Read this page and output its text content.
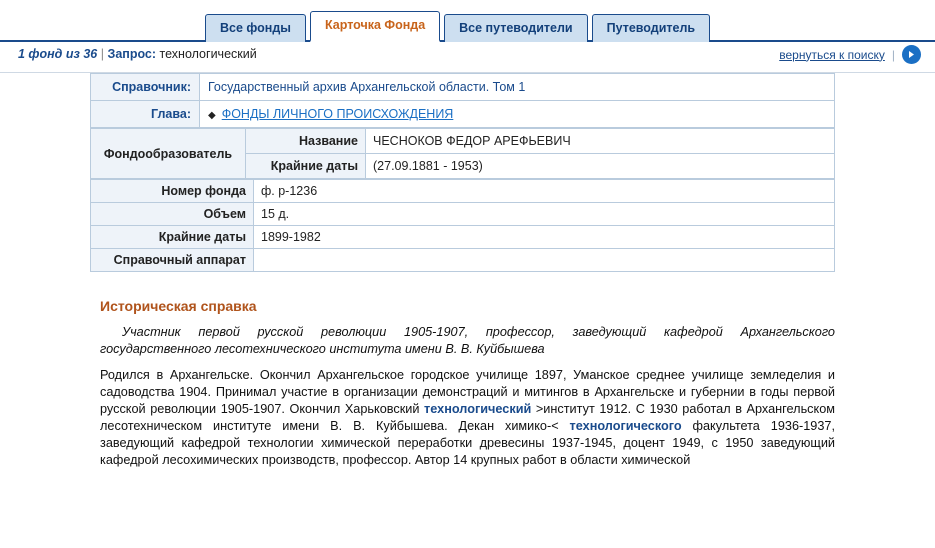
Все фонды	Карточка Фонда	Все путеводители	Путеводитель
1 фонд из 36 | Запрос: технологический	вернуться к поиску |
Справочник:	Государственный архив Архангельской области. Том 1
Глава:	◆ ФОНДЫ ЛИЧНОГО ПРОИСХОЖДЕНИЯ
Фондообразователь	Название	ЧЕСНОКОВ ФЕДОР АРЕФЬЕВИЧ
	Крайние даты	(27.09.1881 - 1953)
Номер фонда	ф. р-1236
Объем	15 д.
Крайние даты	1899-1982
Справочный аппарат	
Историческая справка

Участник первой русской революции 1905-1907, профессор, заведующий кафедрой Архангельского государственного лесотехнического института имени В. В. Куйбышева

Родился в Архангельске. Окончил Архангельское городское училище 1897, Уманское среднее училище земледелия и садоводства 1904. Принимал участие в организации демонстраций и митингов в Архангельске и губернии в годы первой русской революции 1905-1907. Окончил Харьковский технологический >институт 1912. С 1930 работал в Архангельском лесотехническом институте имени В. В. Куйбышева. Декан химико-< технологического факультета 1936-1937, заведующий кафедрой технологии химической переработки древесины 1937-1945, доцент 1949, с 1950 заведующий кафедрой лесохимических производств, профессор. Автор 14 крупных работ в области химической
